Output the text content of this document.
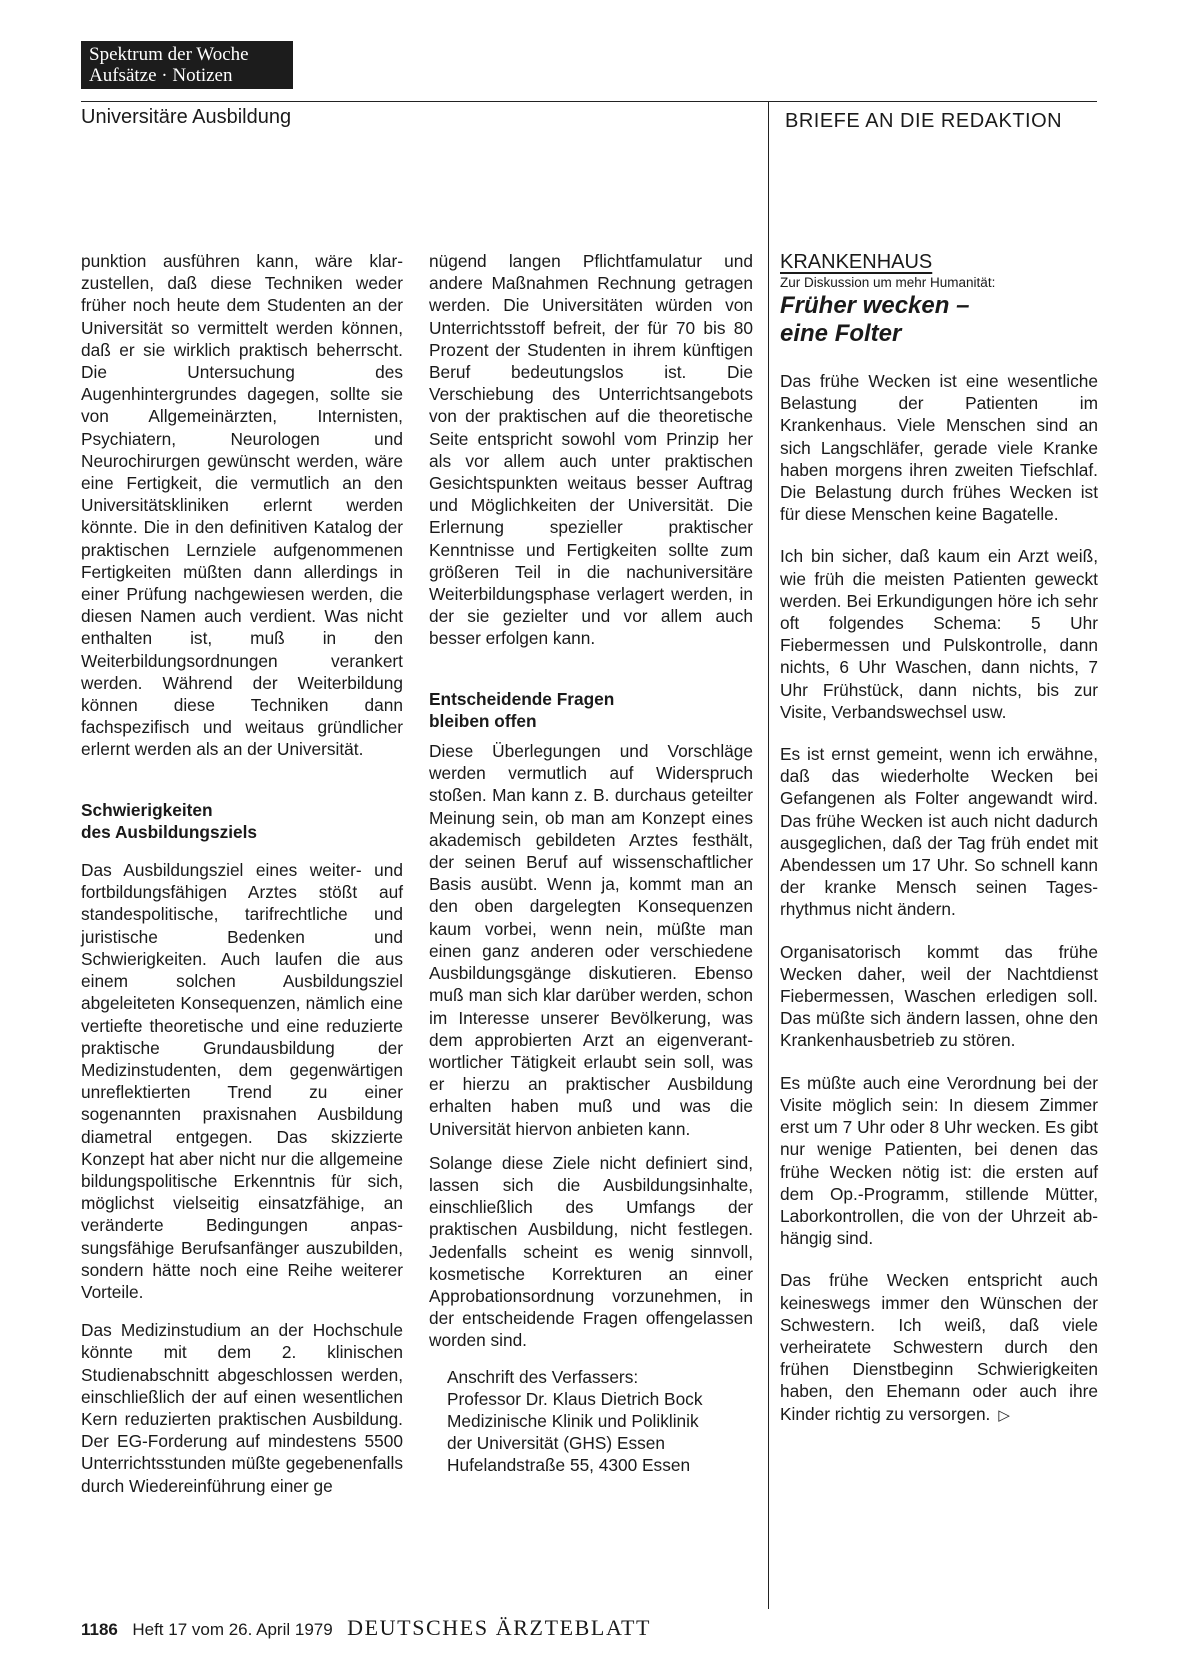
Spektrum der Woche
Aufsätze · Notizen
Universitäre Ausbildung	BRIEFE AN DIE REDAKTION

punktion ausführen kann, wäre klarzustellen, daß diese Techniken weder früher noch heute dem Studenten an der Universität so vermittelt werden können, daß er sie wirklich praktisch beherrscht. Die Untersuchung des Augenhintergrundes dagegen, sollte sie von Allgemeinärzten, Internisten, Psychiatern, Neurologen und Neurochirurgen gewünscht werden, wäre eine Fertigkeit, die vermutlich an den Universitätskliniken erlernt werden könnte. Die in den definitiven Katalog der praktischen Lernziele aufgenommenen Fertigkeiten müßten dann allerdings in einer Prüfung nachgewiesen werden, die diesen Namen auch verdient. Was nicht enthalten ist, muß in den Weiterbildungsordnungen verankert werden. Während der Weiterbildung können diese Techniken dann fachspezifisch und weitaus gründlicher erlernt werden als an der Universität.

Schwierigkeiten
des Ausbildungsziels

Das Ausbildungsziel eines weiter- und fortbildungsfähigen Arztes stößt auf standespolitische, tarifrechtliche und juristische Bedenken und Schwierigkeiten. Auch laufen die aus einem solchen Ausbildungsziel abgeleiteten Konsequenzen, nämlich eine vertiefte theoretische und eine reduzierte praktische Grundausbildung der Medizinstudenten, dem gegenwärtigen unreflektierten Trend zu einer sogenannten praxisnahen Ausbildung diametral entgegen. Das skizzierte Konzept hat aber nicht nur die allgemeine bildungspolitische Erkenntnis für sich, möglichst vielseitig einsatzfähige, an veränderte Bedingungen anpassungsfähige Berufsanfänger auszubilden, sondern hätte noch eine Reihe weiterer Vorteile.

Das Medizinstudium an der Hochschule könnte mit dem 2. klinischen Studienabschnitt abgeschlossen werden, einschließlich der auf einen wesentlichen Kern reduzierten praktischen Ausbildung. Der EG-Forderung auf mindestens 5500 Unterrichtsstunden müßte gegebenenfalls durch Wiedereinführung einer ge

nügend langen Pflichtfamulatur und andere Maßnahmen Rechnung getragen werden. Die Universitäten würden von Unterrichtsstoff befreit, der für 70 bis 80 Prozent der Studenten in ihrem künftigen Beruf bedeutungslos ist. Die Verschiebung des Unterrichtsangebots von der praktischen auf die theoretische Seite entspricht sowohl vom Prinzip her als vor allem auch unter praktischen Gesichtspunkten weitaus besser Auftrag und Möglichkeiten der Universität. Die Erlernung spezieller praktischer Kenntnisse und Fertigkeiten sollte zum größeren Teil in die nachuniversitäre Weiterbildungsphase verlagert werden, in der sie gezielter und vor allem auch besser erfolgen kann.

Entscheidende Fragen
bleiben offen

Diese Überlegungen und Vorschläge werden vermutlich auf Widerspruch stoßen. Man kann z. B. durchaus geteilter Meinung sein, ob man am Konzept eines akademisch gebildeten Arztes festhält, der seinen Beruf auf wissenschaftlicher Basis ausübt. Wenn ja, kommt man an den oben dargelegten Konsequenzen kaum vorbei, wenn nein, müßte man einen ganz anderen oder verschiedene Ausbildungsgänge diskutieren. Ebenso muß man sich klar darüber werden, schon im Interesse unserer Bevölkerung, was dem approbierten Arzt an eigenverantwortlicher Tätigkeit erlaubt sein soll, was er hierzu an praktischer Ausbildung erhalten haben muß und was die Universität hiervon anbieten kann.

Solange diese Ziele nicht definiert sind, lassen sich die Ausbildungsinhalte, einschließlich des Umfangs der praktischen Ausbildung, nicht festlegen. Jedenfalls scheint es wenig sinnvoll, kosmetische Korrekturen an einer Approbationsordnung vorzunehmen, in der entscheidende Fragen offengelassen worden sind.

Anschrift des Verfassers:
Professor Dr. Klaus Dietrich Bock
Medizinische Klinik und Poliklinik
der Universität (GHS) Essen
Hufelandstraße 55, 4300 Essen

KRANKENHAUS

Zur Diskussion um mehr Humanität:

Früher wecken –
eine Folter

Das frühe Wecken ist eine wesentliche Belastung der Patienten im Krankenhaus. Viele Menschen sind an sich Langschläfer, gerade viele Kranke haben morgens ihren zweiten Tiefschlaf. Die Belastung durch frühes Wecken ist für diese Menschen keine Bagatelle.

Ich bin sicher, daß kaum ein Arzt weiß, wie früh die meisten Patienten geweckt werden. Bei Erkundigungen höre ich sehr oft folgendes Schema: 5 Uhr Fiebermessen und Pulskontrolle, dann nichts, 6 Uhr Waschen, dann nichts, 7 Uhr Frühstück, dann nichts, bis zur Visite, Verbandswechsel usw.

Es ist ernst gemeint, wenn ich erwähne, daß das wiederholte Wecken bei Gefangenen als Folter angewandt wird. Das frühe Wecken ist auch nicht dadurch ausgeglichen, daß der Tag früh endet mit Abendessen um 17 Uhr. So schnell kann der kranke Mensch seinen Tagesrhythmus nicht ändern.

Organisatorisch kommt das frühe Wecken daher, weil der Nachtdienst Fiebermessen, Waschen erledigen soll. Das müßte sich ändern lassen, ohne den Krankenhausbetrieb zu stören.

Es müßte auch eine Verordnung bei der Visite möglich sein: In diesem Zimmer erst um 7 Uhr oder 8 Uhr wecken. Es gibt nur wenige Patienten, bei denen das frühe Wecken nötig ist: die ersten auf dem Op.-Programm, stillende Mütter, Laborkontrollen, die von der Uhrzeit abhängig sind.

Das frühe Wecken entspricht auch keineswegs immer den Wünschen der Schwestern. Ich weiß, daß viele verheiratete Schwestern durch den frühen Dienstbeginn Schwierigkeiten haben, den Ehemann oder auch ihre Kinder richtig zu versorgen. ▷

1186 Heft 17 vom 26. April 1979 DEUTSCHES ÄRZTEBLATT
